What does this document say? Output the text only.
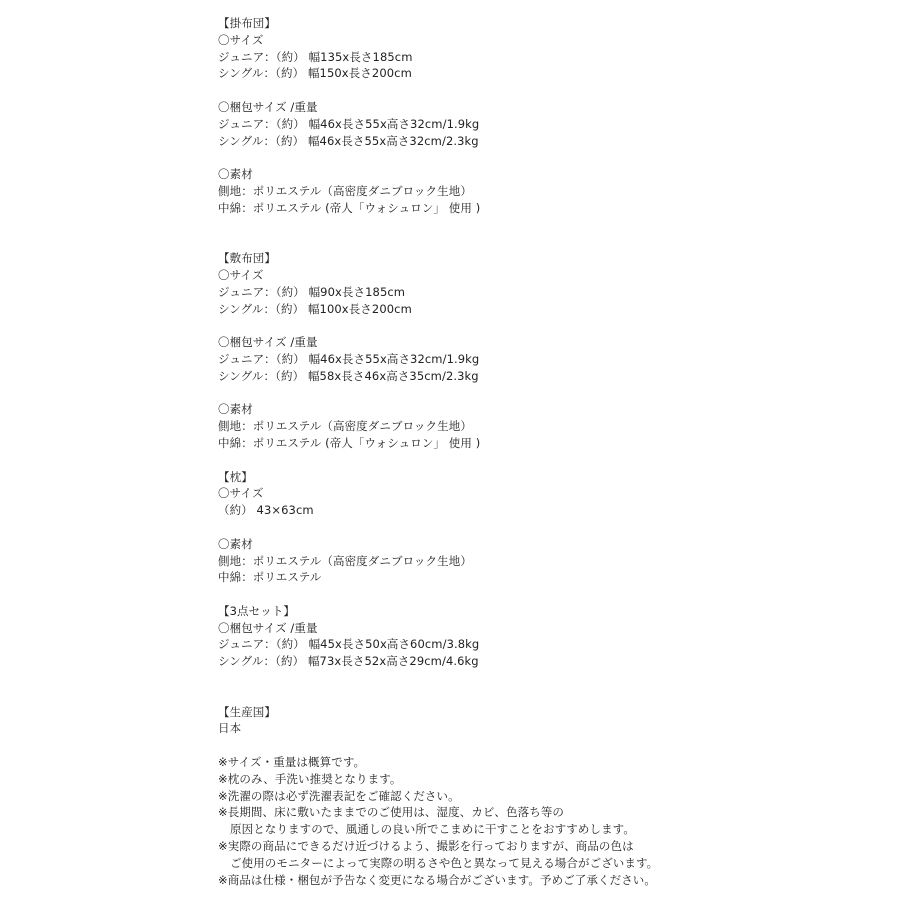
【掛布団】
〇サイズ
ジュニア：（約） 幅135x長さ185cm
シングル：（約） 幅150x長さ200cm
〇梱包サイズ /重量
ジュニア：（約） 幅46x長さ55x高さ32cm/1.9kg
シングル：（約） 幅46x長さ55x高さ32cm/2.3kg
〇素材
側地：ポリエステル（高密度ダニブロック生地）
中綿：ポリエステル (帝人「ウォシュロン」 使用 )
【敷布団】
〇サイズ
ジュニア：（約） 幅90x長さ185cm
シングル：（約） 幅100x長さ200cm
〇梱包サイズ /重量
ジュニア：（約） 幅46x長さ55x高さ32cm/1.9kg
シングル：（約） 幅58x長さ46x高さ35cm/2.3kg
〇素材
側地：ポリエステル（高密度ダニブロック生地）
中綿：ポリエステル (帝人「ウォシュロン」 使用 )
【枕】
〇サイズ
（約） 43×63cm
〇素材
側地：ポリエステル（高密度ダニブロック生地）
中綿：ポリエステル
【3点セット】
〇梱包サイズ /重量
ジュニア：（約） 幅45x長さ50x高さ60cm/3.8kg
シングル：（約） 幅73x長さ52x高さ29cm/4.6kg
【生産国】
日本
※サイズ・重量は概算です。
※枕のみ、手洗い推奨となります。
※洗濯の際は必ず洗濯表記をご確認ください。
※長期間、床に敷いたままでのご使用は、湿度、カビ、色落ち等の
原因となりますので、風通しの良い所でこまめに干すことをおすすめします。
※実際の商品にできるだけ近づけるよう、撮影を行っておりますが、商品の色は
ご使用のモニターによって実際の明るさや色と異なって見える場合がございます。
※商品は仕様・梱包が予告なく変更になる場合がございます。予めご了承ください。
